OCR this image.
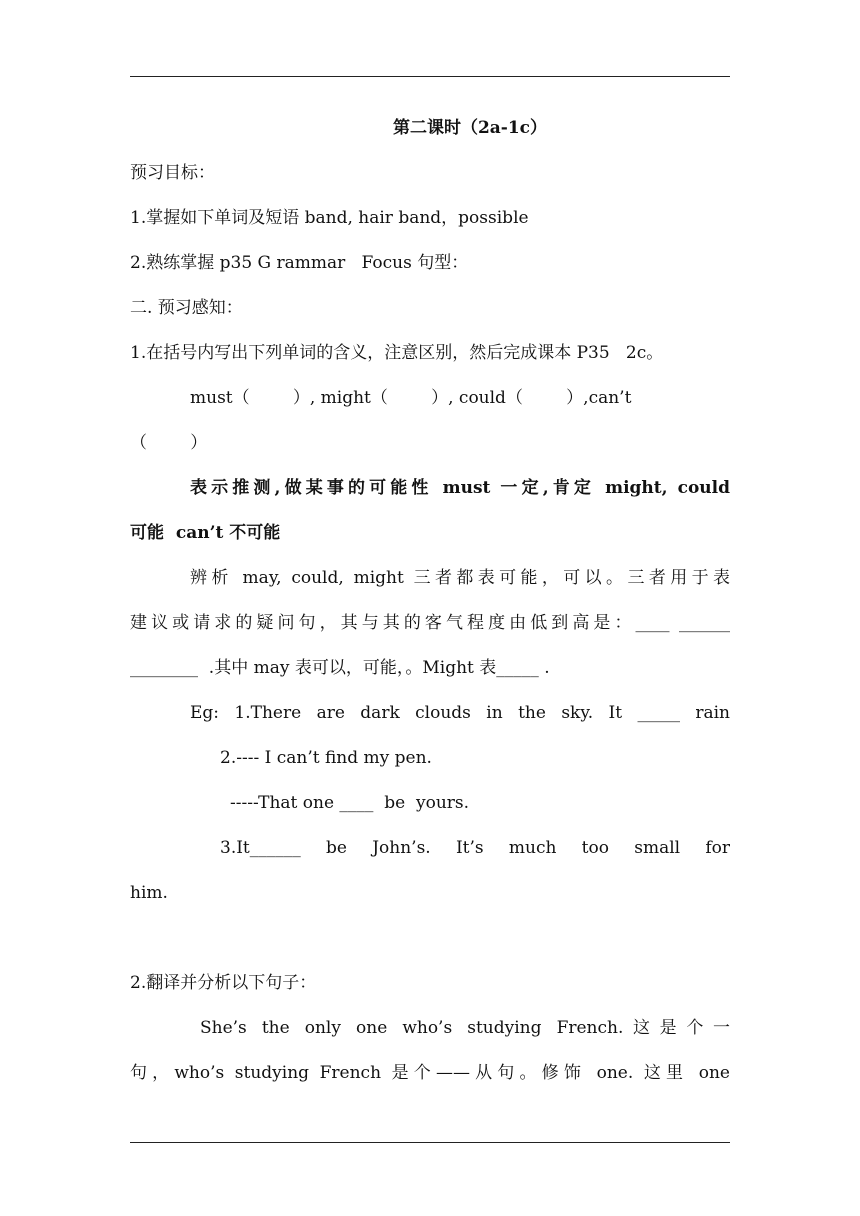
第二课时（2a-1c）
预习目标：
1.掌握如下单词及短语 band, hair band，possible
2.熟练掌握 p35 G rammar   Focus 句型：
二. 预习感知：
1.在括号内写出下列单词的含义，注意区别，然后完成课本 P35   2c。
must（        ）, might（        ）, could（        ）,can’t
（        ）
表示推测,做某事的可能性 must 一定,肯定 might, could
可能  can’t 不可能
辨析 may, could, might 三者都表可能，可以。三者用于表
建议或请求的疑问句，其与其的客气程度由低到高是：____ ______
________  .其中 may 表可以，可能，。Might 表_____ .
Eg: 1.There are dark clouds in the sky. It _____ rain
2.---- I can’t find my pen.
-----That one ____  be  yours.
3.It______ be John’s. It’s much too small for
him.
2.翻译并分析以下句子：
She’s the only one who’s studying French.这是个一
句，who’s studying French 是个——从句。修饰 one. 这里 one
